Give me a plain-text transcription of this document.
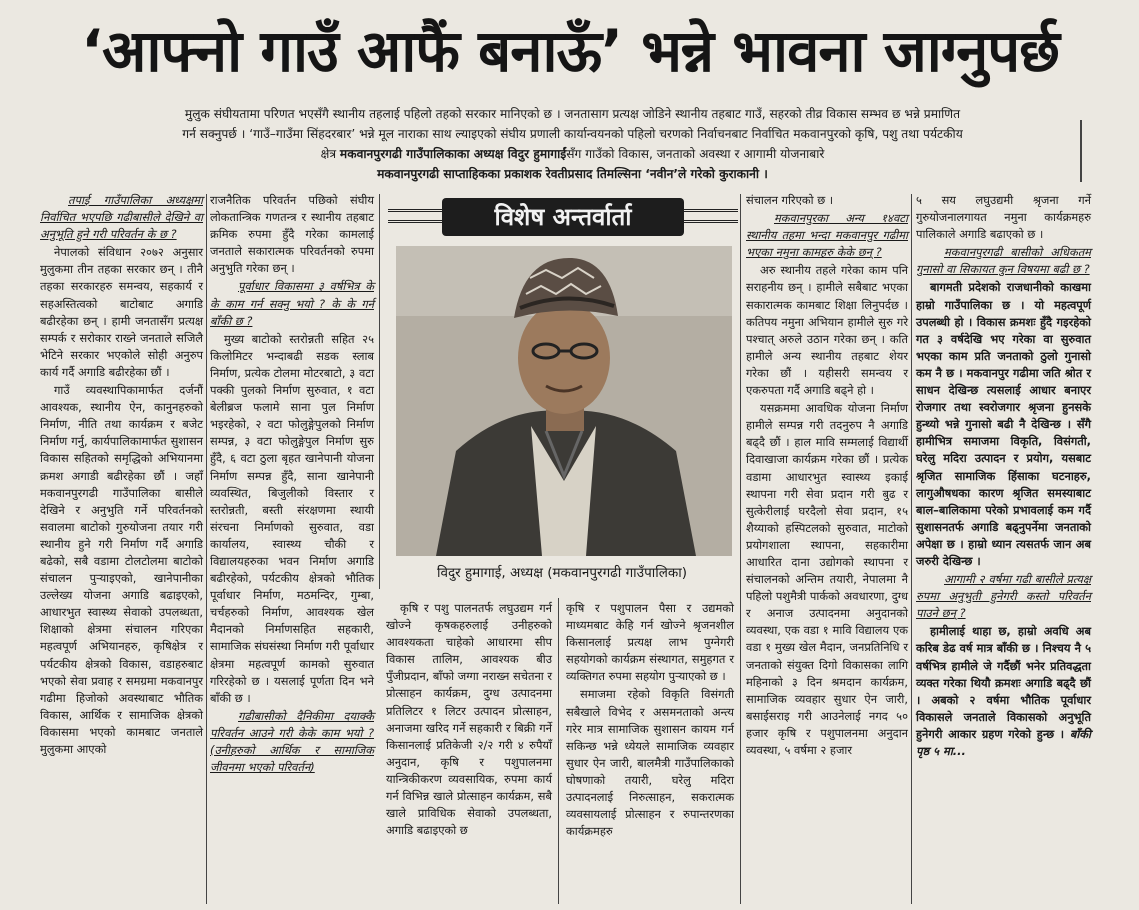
‘आफ्नो गाउँ आफैं बनाऊँ’ भन्ने भावना जाग्नुपर्छ
मुलुक संघीयतामा परिणत भएसँगै स्थानीय तहलाई पहिलो तहको सरकार मानिएको छ । जनतासाग प्रत्यक्ष जोडिने स्थानीय तहबाट गाउँ, सहरको तीव्र विकास सम्भव छ भन्ने प्रमाणित
गर्न सक्नुपर्छ । ‘गाउँ–गाउँमा सिंहदरबार’ भन्ने मूल नाराका साथ ल्याइएको संघीय प्रणाली कार्यान्वयनको पहिलो चरणको निर्वाचनबाट निर्वाचित मकवानपुरको कृषि, पशु तथा पर्यटकीय
क्षेत्र मकवानपुरगढी गाउँपालिकाका अध्यक्ष विदुर हुमागाईंसँग गाउँको विकास, जनताको अवस्था र आगामी योजनाबारे
मकवानपुरगढी साप्ताहिकका प्रकाशक रेवतीप्रसाद तिमल्सिना ‘नवीन’ले गरेको कुराकानी ।

तपाई गाउँपालिका अध्यक्षमा निर्वाचित भएपछि गढीबासीले देखिने वा अनुभूति हुने गरी परिवर्तन के छ ?

नेपालको संविधान २०७२ अनुसार मुलुकमा तीन तहका सरकार छन् । तीनै तहका सरकारहरु समन्वय, सहकार्य र सहअस्तित्वको बाटोबाट अगाडि बढीरहेका छन् । हामी जनतासँग प्रत्यक्ष सम्पर्क र सरोकार राख्ने जनताले सजिलै भेटिने सरकार भएकोले सोही अनुरुप कार्य गर्दै अगाडि बढीरहेका छौं ।

गाउँ व्यवस्थापिकामार्फत दर्जनौं आवश्यक, स्थानीय ऐन, कानुनहरुको निर्माण, नीति तथा कार्यक्रम र बजेट निर्माण गर्नु, कार्यपालिकामार्फत सुशासन विकास सहितको समृद्धिको अभियानमा क्रमश अगाडी बढीरहेका छौं । जहाँ मकवानपुरगढी गाउँपालिका बासीले देखिने र अनुभुति गर्ने परिवर्तनको सवालमा बाटोको गुरुयोजना तयार गरी स्थानीय हुने गरी निर्माण गर्दै अगाडि बढेको, सबै वडामा टोलटोलमा बाटोको संचालन पुर्‍याइएको, खानेपानीका उल्लेख्य योजना अगाडि बढाइएको, आधारभुत स्वास्थ्य सेवाको उपलब्धता, शिक्षाको क्षेत्रमा संचालन गरिएका महत्वपूर्ण अभियानहरु, कृषिक्षेत्र र पर्यटकीय क्षेत्रको विकास, वडाहरुबाट भएको सेवा प्रवाह र समग्रमा मकवानपुर गढीमा हिजोको अवस्थाबाट भौतिक विकास, आर्थिक र सामाजिक क्षेत्रको विकासमा भएको कामबाट जनताले मुलुकमा आएको

राजनैतिक परिवर्तन पछिको संघीय लोकतान्त्रिक गणतन्त्र र स्थानीय तहबाट क्रमिक रुपमा हुँदै गरेका कामलाई जनताले सकारात्मक परिवर्तनको रुपमा अनुभुति गरेका छन् ।

पूर्वाधार विकासमा ३ वर्षभित्र के के काम गर्न सक्नु भयो ? के के गर्न बाँकी छ ?

मुख्य बाटोको स्तरोन्नती सहित २५ किलोमिटर भन्दाबढी सडक स्लाब निर्माण, प्रत्येक टोलमा मोटरबाटो, ३ वटा पक्की पुलको निर्माण सुरुवात, १ वटा बेलीब्रज फलामे साना पुल निर्माण भइरहेको, २ वटा फोलुङ्गेपुलको निर्माण सम्पन्न, ३ वटा फोलुङ्गेपुल निर्माण सुरु हुँदै, ६ वटा ठुला बृहत खानेपानी योजना निर्माण सम्पन्न हुँदै, साना खानेपानी व्यवस्थित, बिजुलीको विस्तार र स्तरोन्नती, बस्ती संरक्षणमा स्थायी संरचना निर्माणको सुरुवात, वडा कार्यालय, स्वास्थ्य चौकी र विद्यालयहरुका भवन निर्माण अगाडि बढीरहेको, पर्यटकीय क्षेत्रको भौतिक पूर्वाधार निर्माण, मठमन्दिर, गुम्बा, चर्चहरुको निर्माण, आवश्यक खेल मैदानको निर्माणसहित सहकारी, सामाजिक संघसंस्था निर्माण गरी पूर्वाधार क्षेत्रमा महत्वपूर्ण कामको सुरुवात गरिरहेको छ । यसलाई पूर्णता दिन भने बाँकी छ ।

गढीबासीको दैनिकीमा दयाक्कै परिवर्तन आउने गरी केके काम भयो ? (उनीहरुको आर्थिक र सामाजिक जीवनमा भएको परिवर्तन)

विशेष अन्तर्वार्ता
विदुर हुमागाई, अध्यक्ष (मकवानपुरगढी गाउँपालिका)

कृषि र पशु पालनतर्फ लघुउद्यम गर्न खोज्ने कृषकहरुलाई उनीहरुको आवश्यकता चाहेको आधारमा सीप विकास तालिम, आवश्यक बीउ पुँजीप्रदान, बाँफो जग्गा नराख्न सचेतना र प्रोत्साहन कार्यक्रम, दुग्ध उत्पादनमा प्रतिलिटर १ लिटर उत्पादन प्रोत्साहन, अनाजमा खरिद गर्ने सहकारी र बिक्री गर्ने किसानलाई प्रतिकेजी २/२ गरी ४ रुपैयाँ अनुदान, कृषि र पशुपालनमा यान्त्रिकीकरण व्यवसायिक, रुपमा कार्य गर्न विभिन्न खाले प्रोत्साहन कार्यक्रम, सबै खाले प्राविधिक सेवाको उपलब्धता, अगाडि बढाइएको छ

कृषि र पशुपालन पैसा र उद्यमको माध्यमबाट केहि गर्न खोज्ने श्रृजनशील किसानलाई प्रत्यक्ष लाभ पुग्नेगरी सहयोगको कार्यक्रम संस्थागत, समुहगत र व्यक्तिगत रुपमा सहयोग पुर्‍याएको छ ।

समाजमा रहेको विकृति विसंगती सबैखाले विभेद र असमनताको अन्त्य गरेर मात्र सामाजिक सुशासन कायम गर्न सकिन्छ भन्ने ध्येयले सामाजिक व्यवहार सुधार ऐन जारी, बालमैत्री गाउँपालिकाको घोषणाको तयारी, घरेलु मदिरा उत्पादनलाई निरुत्साहन, सकरात्मक व्यवसायलाई प्रोत्साहन र रुपान्तरणका कार्यक्रमहरु

संचालन गरिएको छ ।

मकवानपुरका अन्य १४वटा स्थानीय तहमा भन्दा मकवानपुर गढीमा भएका नमुना कामहरु केके छन् ?

अरु स्थानीय तहले गरेका काम पनि सराहनीय छन् । हामीले सबैबाट भएका सकारात्मक कामबाट शिक्षा लिनुपर्दछ । कतिपय नमुना अभियान हामीले सुरु गरे पश्चात् अरुले उठान गरेका छन् । कति हामीले अन्य स्थानीय तहबाट शेयर गरेका छौं । यहीसरी समन्वय र एकरुपता गर्दै अगाडि बढ्ने हो ।

यसक्रममा आवधिक योजना निर्माण हामीले सम्पन्न गरी तदनुरुप नै अगाडि बढ्दै छौं । हाल मावि सम्मलाई विद्यार्थी दिवाखाजा कार्यक्रम गरेका छौं । प्रत्येक वडामा आधारभुत स्वास्थ्य इकाई स्थापना गरी सेवा प्रदान गरी बुढ र सुत्केरीलाई घरदैलो सेवा प्रदान, १५ शैय्याको हस्पिटलको सुरुवात, माटोको प्रयोगशाला स्थापना, सहकारीमा आधारित दाना उद्योगको स्थापना र संचालनको अन्तिम तयारी, नेपालमा नै पहिलो पशुमैत्री पार्कको अवधारणा, दुग्ध र अनाज उत्पादनमा अनुदानको व्यवस्था, एक वडा १ मावि विद्यालय एक वडा १ मुख्य खेल मैदान, जनप्रतिनिधि र जनताको संयुक्त दिगो विकासका लागि महिनाको ३ दिन श्रमदान कार्यक्रम, सामाजिक व्यवहार सुधार ऐन जारी, बसाईसराइ गरी आउनेलाई नगद ५० हजार कृषि र पशुपालनमा अनुदान व्यवस्था, ५ वर्षमा २ हजार

५ सय लघुउद्यमी श्रृजना गर्ने गुरुयोजनालगायत नमुना कार्यक्रमहरु पालिकाले अगाडि बढाएको छ ।

मकवानपुरगढी बासीको अधिकतम गुनासो वा सिकायत कुन विषयमा बढी छ ?

बागमती प्रदेशको राजधानीको काखमा हाम्रो गाउँपालिका छ । यो महत्वपूर्ण उपलब्धी हो । विकास क्रमशः हुँदै गइरहेको गत ३ वर्षदेखि भए गरेका वा सुरुवात भएका काम प्रति जनताको ठुलो गुनासो कम नै छ । मकवानपुर गढीमा जति श्रोत र साधन देखिन्छ त्यसलाई आधार बनाएर रोजगार तथा स्वरोजगार श्रृजना हुनसके हुन्थ्यो भन्ने गुनासो बढी नै देखिन्छ । सँगै हामीभित्र समाजमा विकृति, विसंगती, घरेलु मदिरा उत्पादन र प्रयोग, यसबाट श्रृजित सामाजिक हिंसाका घटनाहरु, लागुऔषधका कारण श्रृजित समस्याबाट बाल–बालिकामा परेको प्रभावलाई कम गर्दै सुशासनतर्फ अगाडि बढ्नुपर्नेमा जनताको अपेक्षा छ । हाम्रो ध्यान त्यसतर्फ जान अब जरुरी देखिन्छ ।

आगामी २ वर्षमा गढी बासीले प्रत्यक्ष रुपमा अनुभुती हुनेगरी कस्तो परिवर्तन पाउने छन् ?

हामीलाई थाहा छ, हाम्रो अवधि अब करिब डेढ वर्ष मात्र बाँकी छ । निश्चय नै ५ वर्षभित्र हामीले जे गर्दैछौं भनेर प्रतिवद्धता व्यक्त गरेका थियौ क्रमशः अगाडि बढ्दै छौं । अबको २ वर्षमा भौतिक पूर्वाधार विकासले जनताले विकासको अनुभूति हुनेगरी आकार ग्रहण गरेको हुन्छ । बाँकी पृष्ठ ५ मा...
